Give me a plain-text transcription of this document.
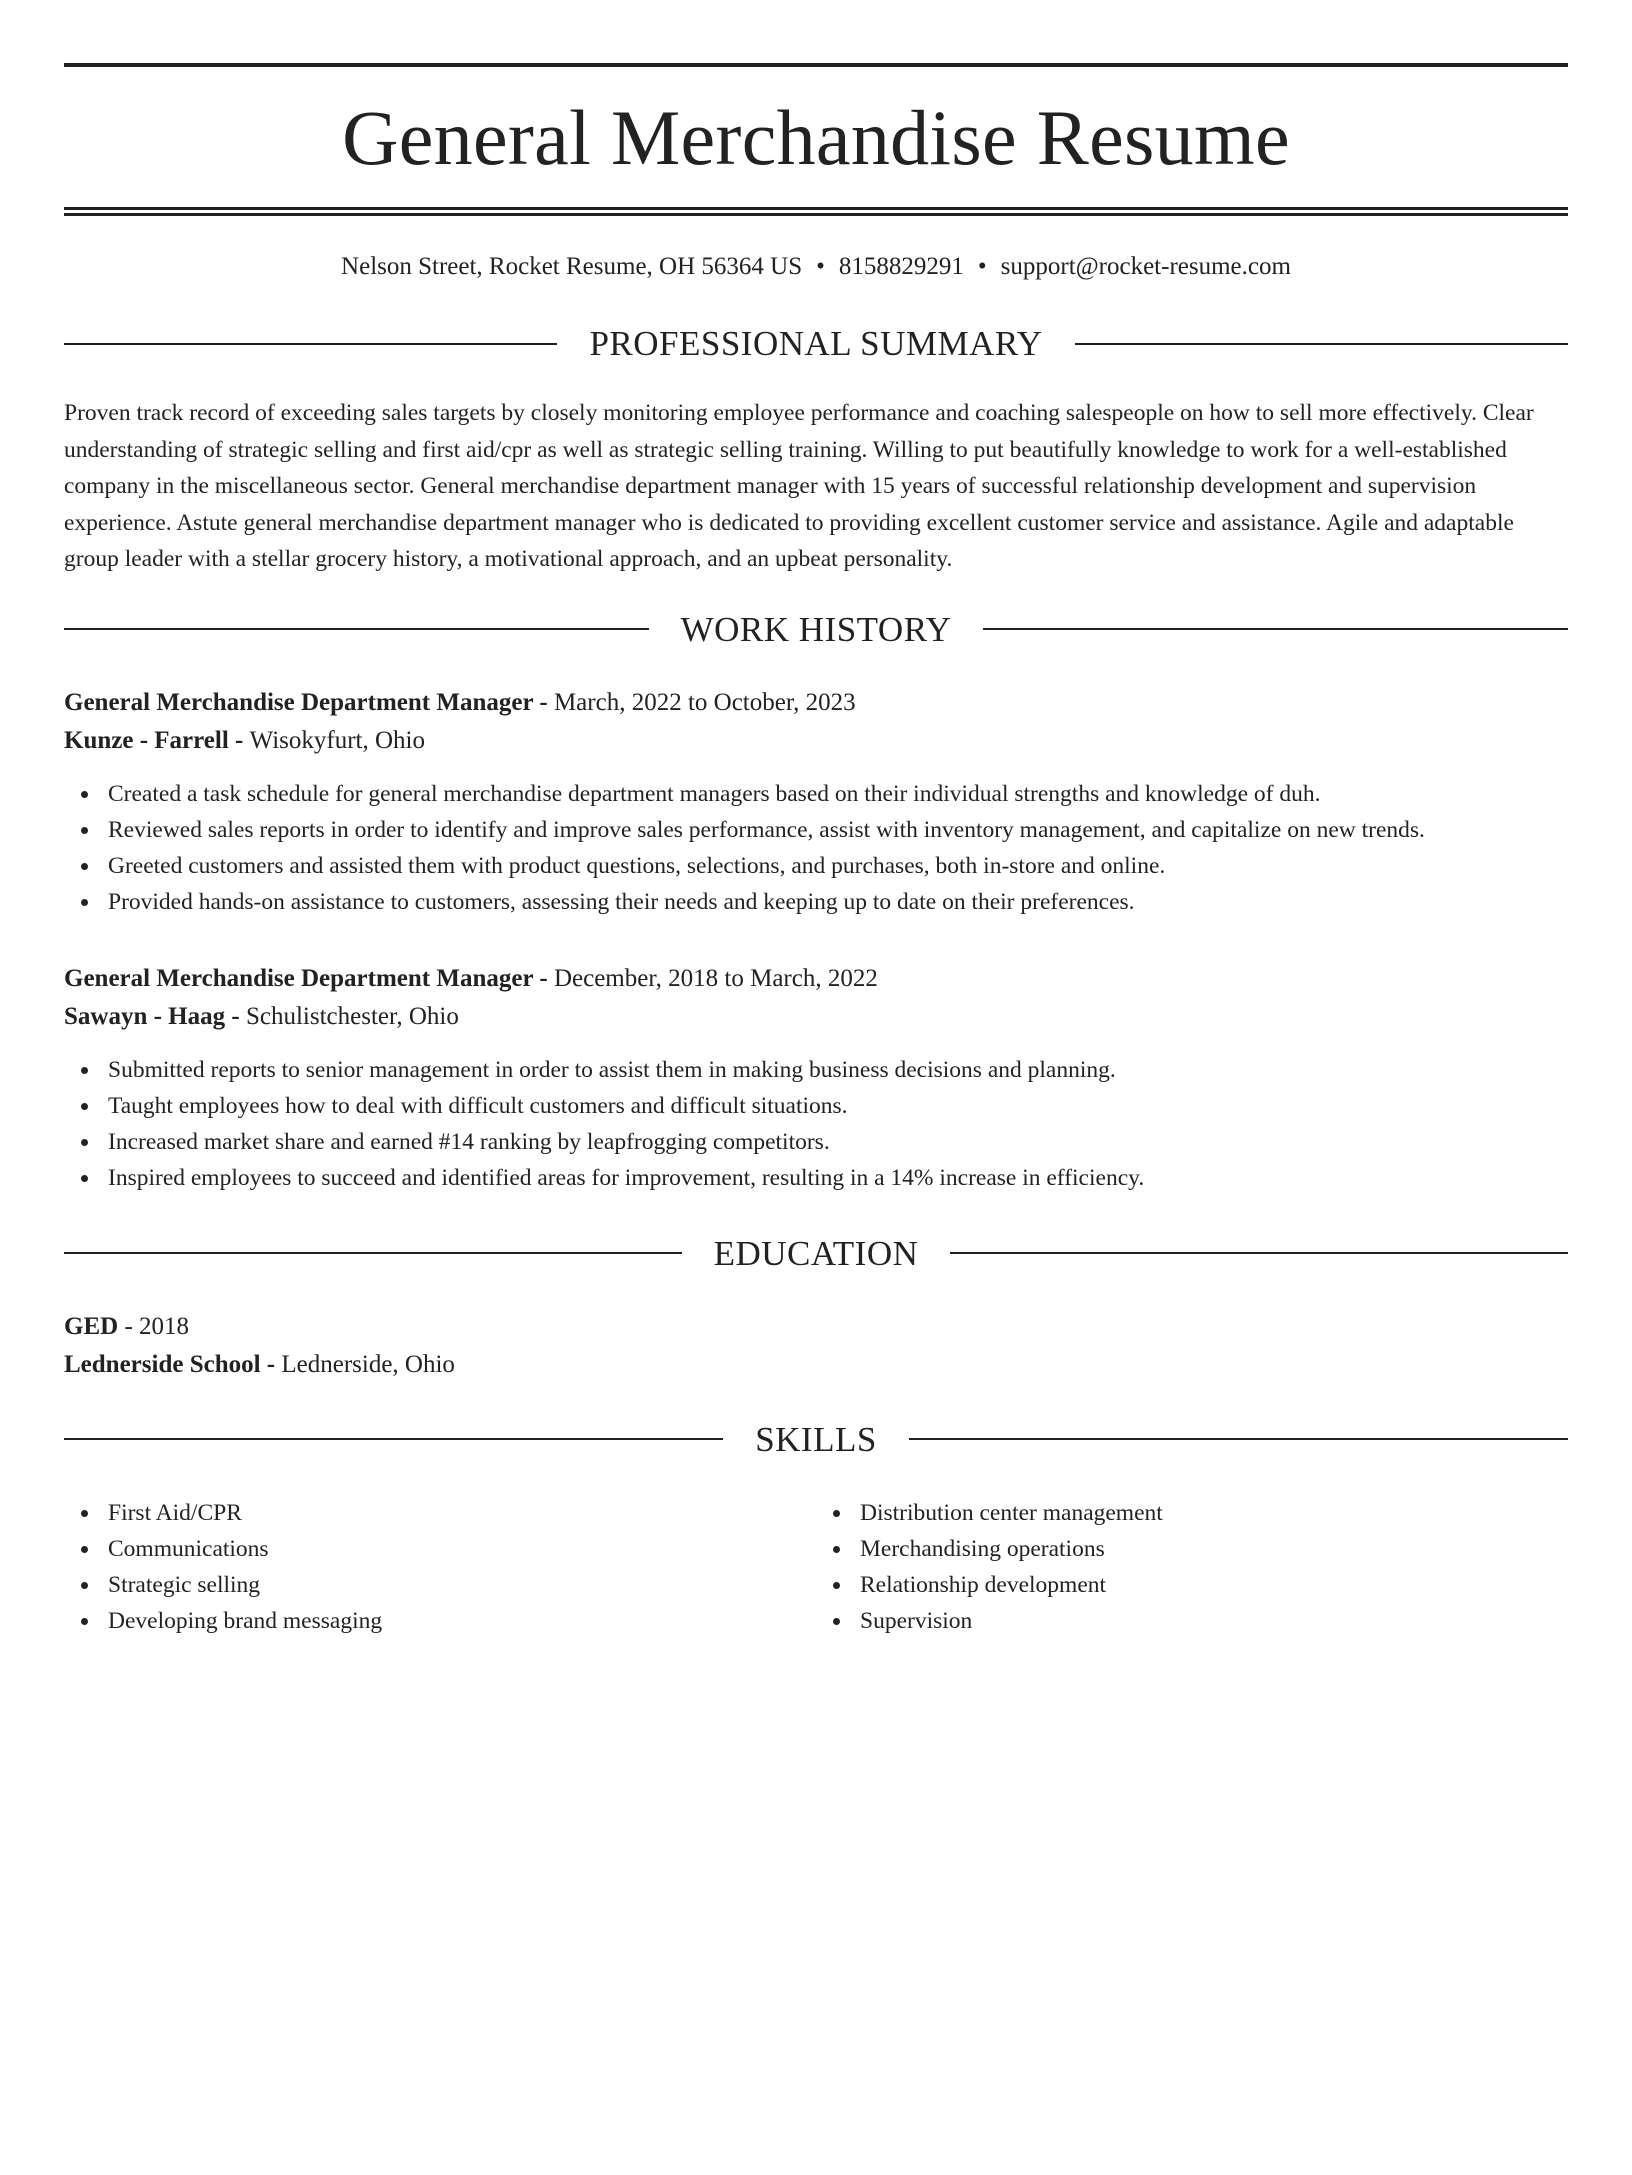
General Merchandise Resume
Nelson Street, Rocket Resume, OH 56364 US • 8158829291 • support@rocket-resume.com
PROFESSIONAL SUMMARY
Proven track record of exceeding sales targets by closely monitoring employee performance and coaching salespeople on how to sell more effectively. Clear understanding of strategic selling and first aid/cpr as well as strategic selling training. Willing to put beautifully knowledge to work for a well-established company in the miscellaneous sector. General merchandise department manager with 15 years of successful relationship development and supervision experience. Astute general merchandise department manager who is dedicated to providing excellent customer service and assistance. Agile and adaptable group leader with a stellar grocery history, a motivational approach, and an upbeat personality.
WORK HISTORY
General Merchandise Department Manager - March, 2022 to October, 2023
Kunze - Farrell - Wisokyfurt, Ohio
Created a task schedule for general merchandise department managers based on their individual strengths and knowledge of duh.
Reviewed sales reports in order to identify and improve sales performance, assist with inventory management, and capitalize on new trends.
Greeted customers and assisted them with product questions, selections, and purchases, both in-store and online.
Provided hands-on assistance to customers, assessing their needs and keeping up to date on their preferences.
General Merchandise Department Manager - December, 2018 to March, 2022
Sawayn - Haag - Schulistchester, Ohio
Submitted reports to senior management in order to assist them in making business decisions and planning.
Taught employees how to deal with difficult customers and difficult situations.
Increased market share and earned #14 ranking by leapfrogging competitors.
Inspired employees to succeed and identified areas for improvement, resulting in a 14% increase in efficiency.
EDUCATION
GED - 2018
Lednerside School - Lednerside, Ohio
SKILLS
First Aid/CPR
Communications
Strategic selling
Developing brand messaging
Distribution center management
Merchandising operations
Relationship development
Supervision
